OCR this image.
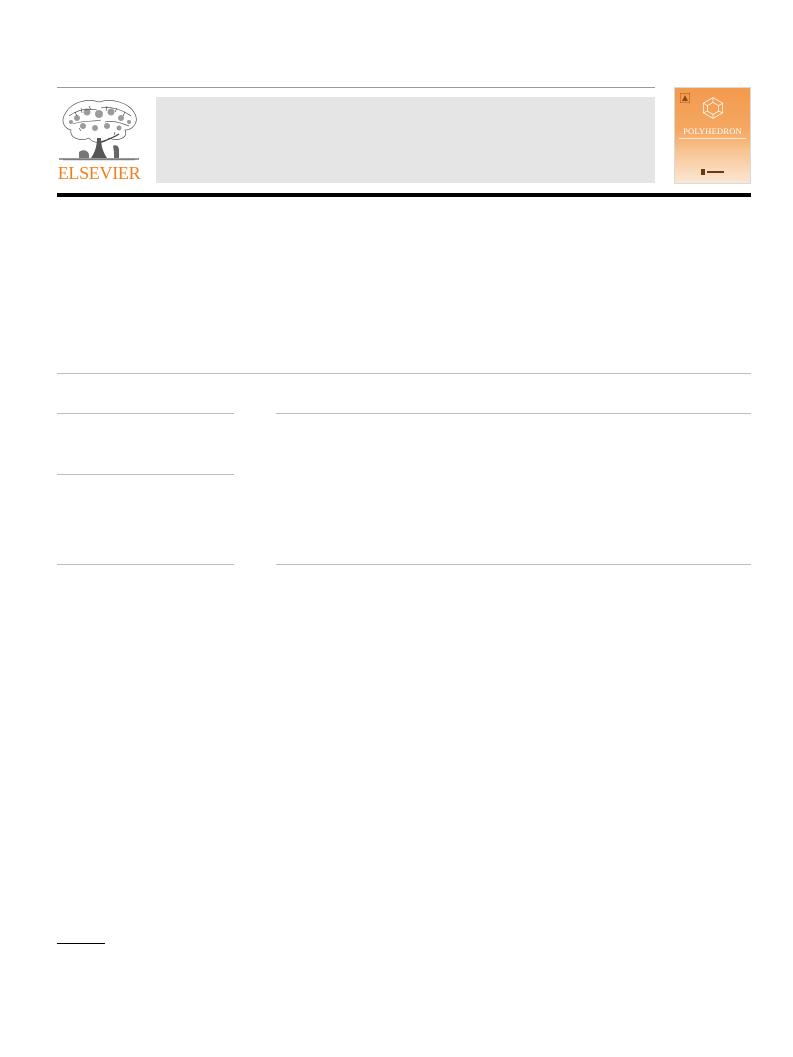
ELSEVIER
POLYHEDRON
